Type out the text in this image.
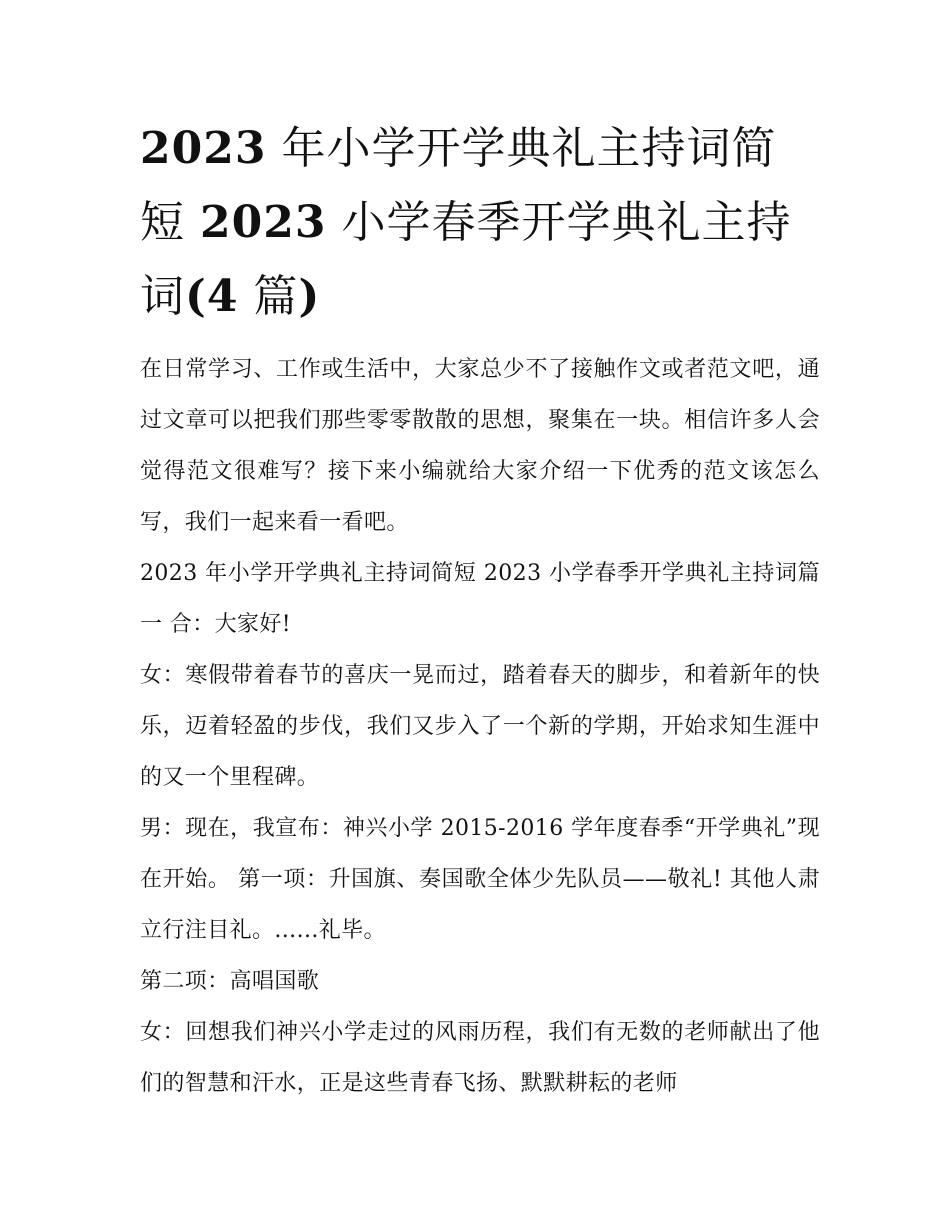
2023 年小学开学典礼主持词简短 2023 小学春季开学典礼主持词(4 篇)

在日常学习、工作或生活中，大家总少不了接触作文或者范文吧，通过文章可以把我们那些零零散散的思想，聚集在一块。相信许多人会觉得范文很难写？接下来小编就给大家介绍一下优秀的范文该怎么写，我们一起来看一看吧。

2023 年小学开学典礼主持词简短 2023 小学春季开学典礼主持词篇一 合：大家好!

女：寒假带着春节的喜庆一晃而过，踏着春天的脚步，和着新年的快乐，迈着轻盈的步伐，我们又步入了一个新的学期，开始求知生涯中的又一个里程碑。

男：现在，我宣布：神兴小学 2015-2016 学年度春季“开学典礼”现在开始。 第一项：升国旗、奏国歌全体少先队员——敬礼! 其他人肃立行注目礼。......礼毕。

第二项：高唱国歌

女：回想我们神兴小学走过的风雨历程，我们有无数的老师献出了他们的智慧和汗水，正是这些青春飞扬、默默耕耘的老师
